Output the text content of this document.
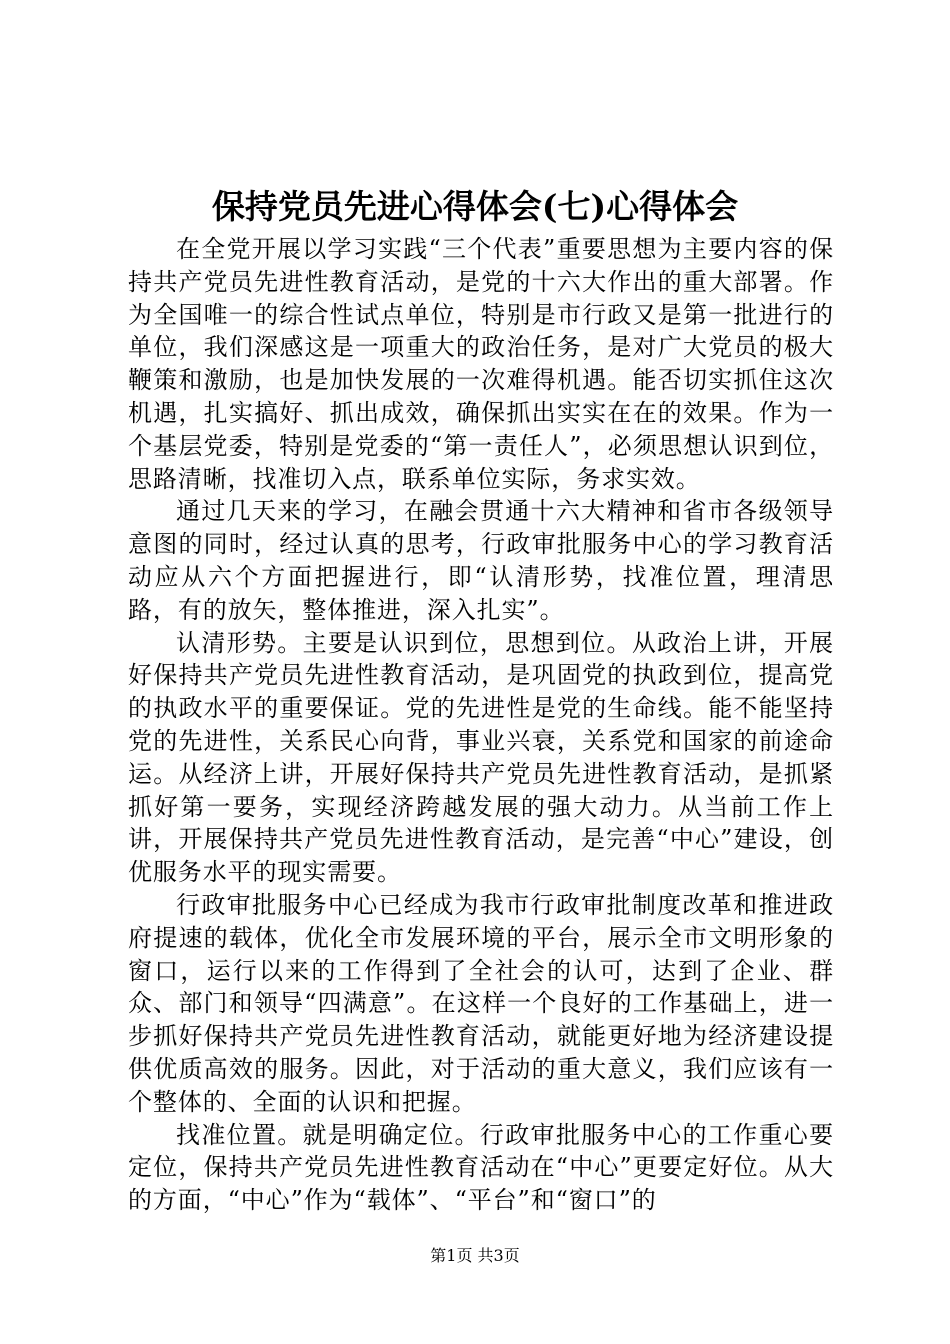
保持党员先进心得体会(七)心得体会

在全党开展以学习实践“三个代表”重要思想为主要内容的保持共产党员先进性教育活动，是党的十六大作出的重大部署。作为全国唯一的综合性试点单位，特别是市行政又是第一批进行的单位，我们深感这是一项重大的政治任务，是对广大党员的极大鞭策和激励，也是加快发展的一次难得机遇。能否切实抓住这次机遇，扎实搞好、抓出成效，确保抓出实实在在的效果。作为一个基层党委，特别是党委的“第一责任人”，必须思想认识到位，思路清晰，找准切入点，联系单位实际，务求实效。

通过几天来的学习，在融会贯通十六大精神和省市各级领导意图的同时，经过认真的思考，行政审批服务中心的学习教育活动应从六个方面把握进行，即“认清形势，找准位置，理清思路，有的放矢，整体推进，深入扎实”。

认清形势。主要是认识到位，思想到位。从政治上讲，开展好保持共产党员先进性教育活动，是巩固党的执政到位，提高党的执政水平的重要保证。党的先进性是党的生命线。能不能坚持党的先进性，关系民心向背，事业兴衰，关系党和国家的前途命运。从经济上讲，开展好保持共产党员先进性教育活动，是抓紧抓好第一要务，实现经济跨越发展的强大动力。从当前工作上讲，开展保持共产党员先进性教育活动，是完善“中心”建设，创优服务水平的现实需要。

行政审批服务中心已经成为我市行政审批制度改革和推进政府提速的载体，优化全市发展环境的平台，展示全市文明形象的窗口，运行以来的工作得到了全社会的认可，达到了企业、群众、部门和领导“四满意”。在这样一个良好的工作基础上，进一步抓好保持共产党员先进性教育活动，就能更好地为经济建设提供优质高效的服务。因此，对于活动的重大意义，我们应该有一个整体的、全面的认识和把握。

找准位置。就是明确定位。行政审批服务中心的工作重心要定位，保持共产党员先进性教育活动在“中心”更要定好位。从大的方面，“中心”作为“载体”、“平台”和“窗口”的

第1页 共3页
